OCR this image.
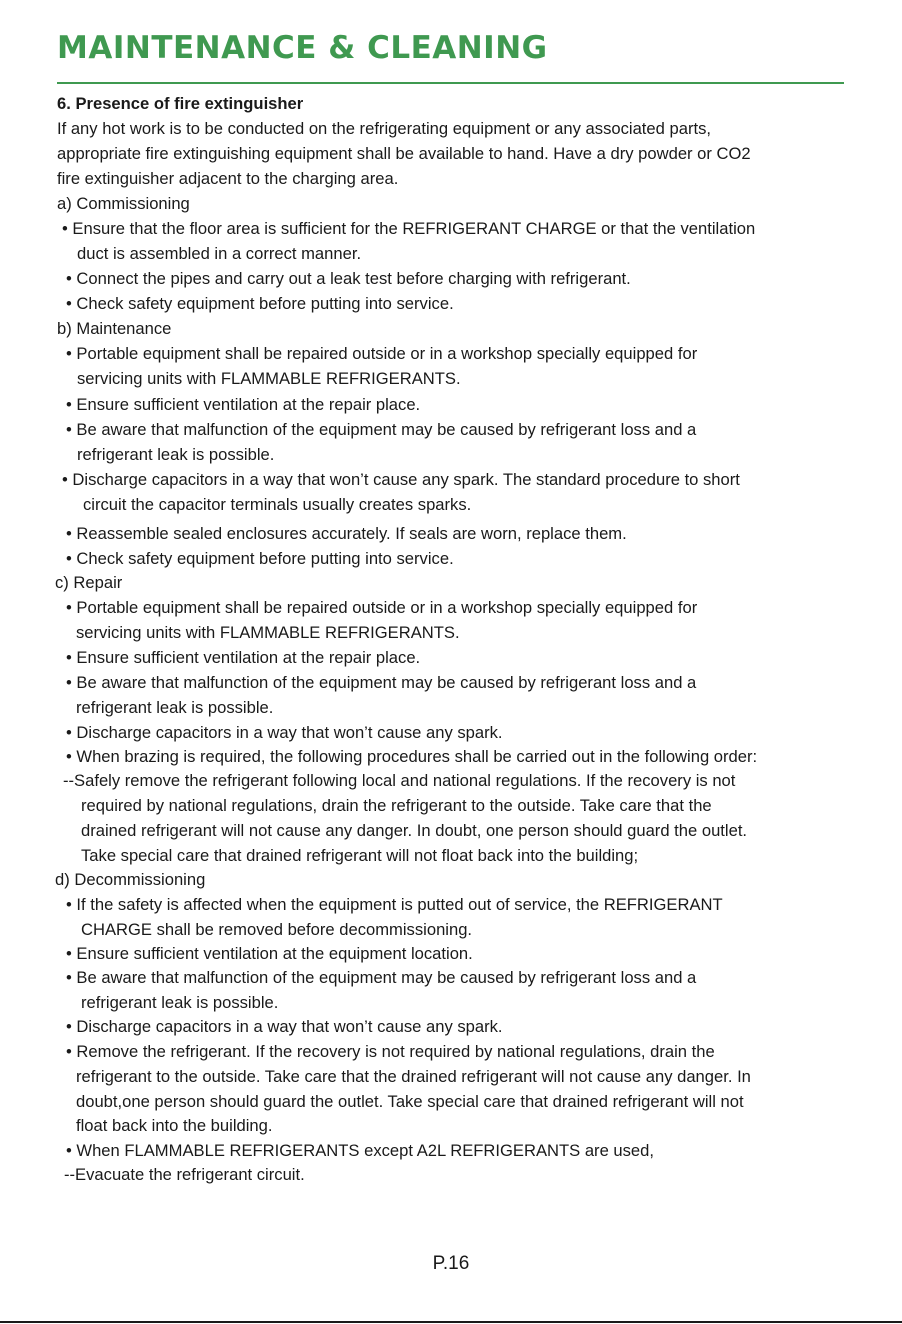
MAINTENANCE & CLEANING
6. Presence of fire extinguisher
If any hot work is to be conducted on the refrigerating equipment or any associated parts,
appropriate fire extinguishing equipment shall be available to hand. Have a dry powder or CO2
fire extinguisher adjacent to the charging area.
a) Commissioning
• Ensure that the floor area is sufficient for the REFRIGERANT CHARGE or that the ventilation
duct is assembled in a correct manner.
• Connect the pipes and carry out a leak test before charging with refrigerant.
• Check safety equipment before putting into service.
b) Maintenance
• Portable equipment shall be repaired outside or in a workshop specially equipped for
servicing units with FLAMMABLE REFRIGERANTS.
• Ensure sufficient ventilation at the repair place.
• Be aware that malfunction of the equipment may be caused by refrigerant loss and a
refrigerant leak is possible.
• Discharge capacitors in a way that won’t cause any spark. The standard procedure to short
circuit the capacitor terminals usually creates sparks.
• Reassemble sealed enclosures accurately. If seals are worn, replace them.
• Check safety equipment before putting into service.
c) Repair
• Portable equipment shall be repaired outside or in a workshop specially equipped for
servicing units with FLAMMABLE REFRIGERANTS.
• Ensure sufficient ventilation at the repair place.
• Be aware that malfunction of the equipment may be caused by refrigerant loss and a
refrigerant leak is possible.
• Discharge capacitors in a way that won’t cause any spark.
• When brazing is required, the following procedures shall be carried out in the following order:
--Safely remove the refrigerant following local and national regulations. If the recovery is not
required by national regulations, drain the refrigerant to the outside. Take care that the
drained refrigerant will not cause any danger. In doubt, one person should guard the outlet.
Take special care that drained refrigerant will not float back into the building;
d) Decommissioning
• If the safety is affected when the equipment is putted out of service, the REFRIGERANT
CHARGE shall be removed before decommissioning.
• Ensure sufficient ventilation at the equipment location.
• Be aware that malfunction of the equipment may be caused by refrigerant loss and a
refrigerant leak is possible.
• Discharge capacitors in a way that won’t cause any spark.
• Remove the refrigerant. If the recovery is not required by national regulations, drain the
refrigerant to the outside. Take care that the drained refrigerant will not cause any danger. In
doubt,one person should guard the outlet. Take special care that drained refrigerant will not
float back into the building.
• When FLAMMABLE REFRIGERANTS except A2L REFRIGERANTS are used,
--Evacuate the refrigerant circuit.
P.16
